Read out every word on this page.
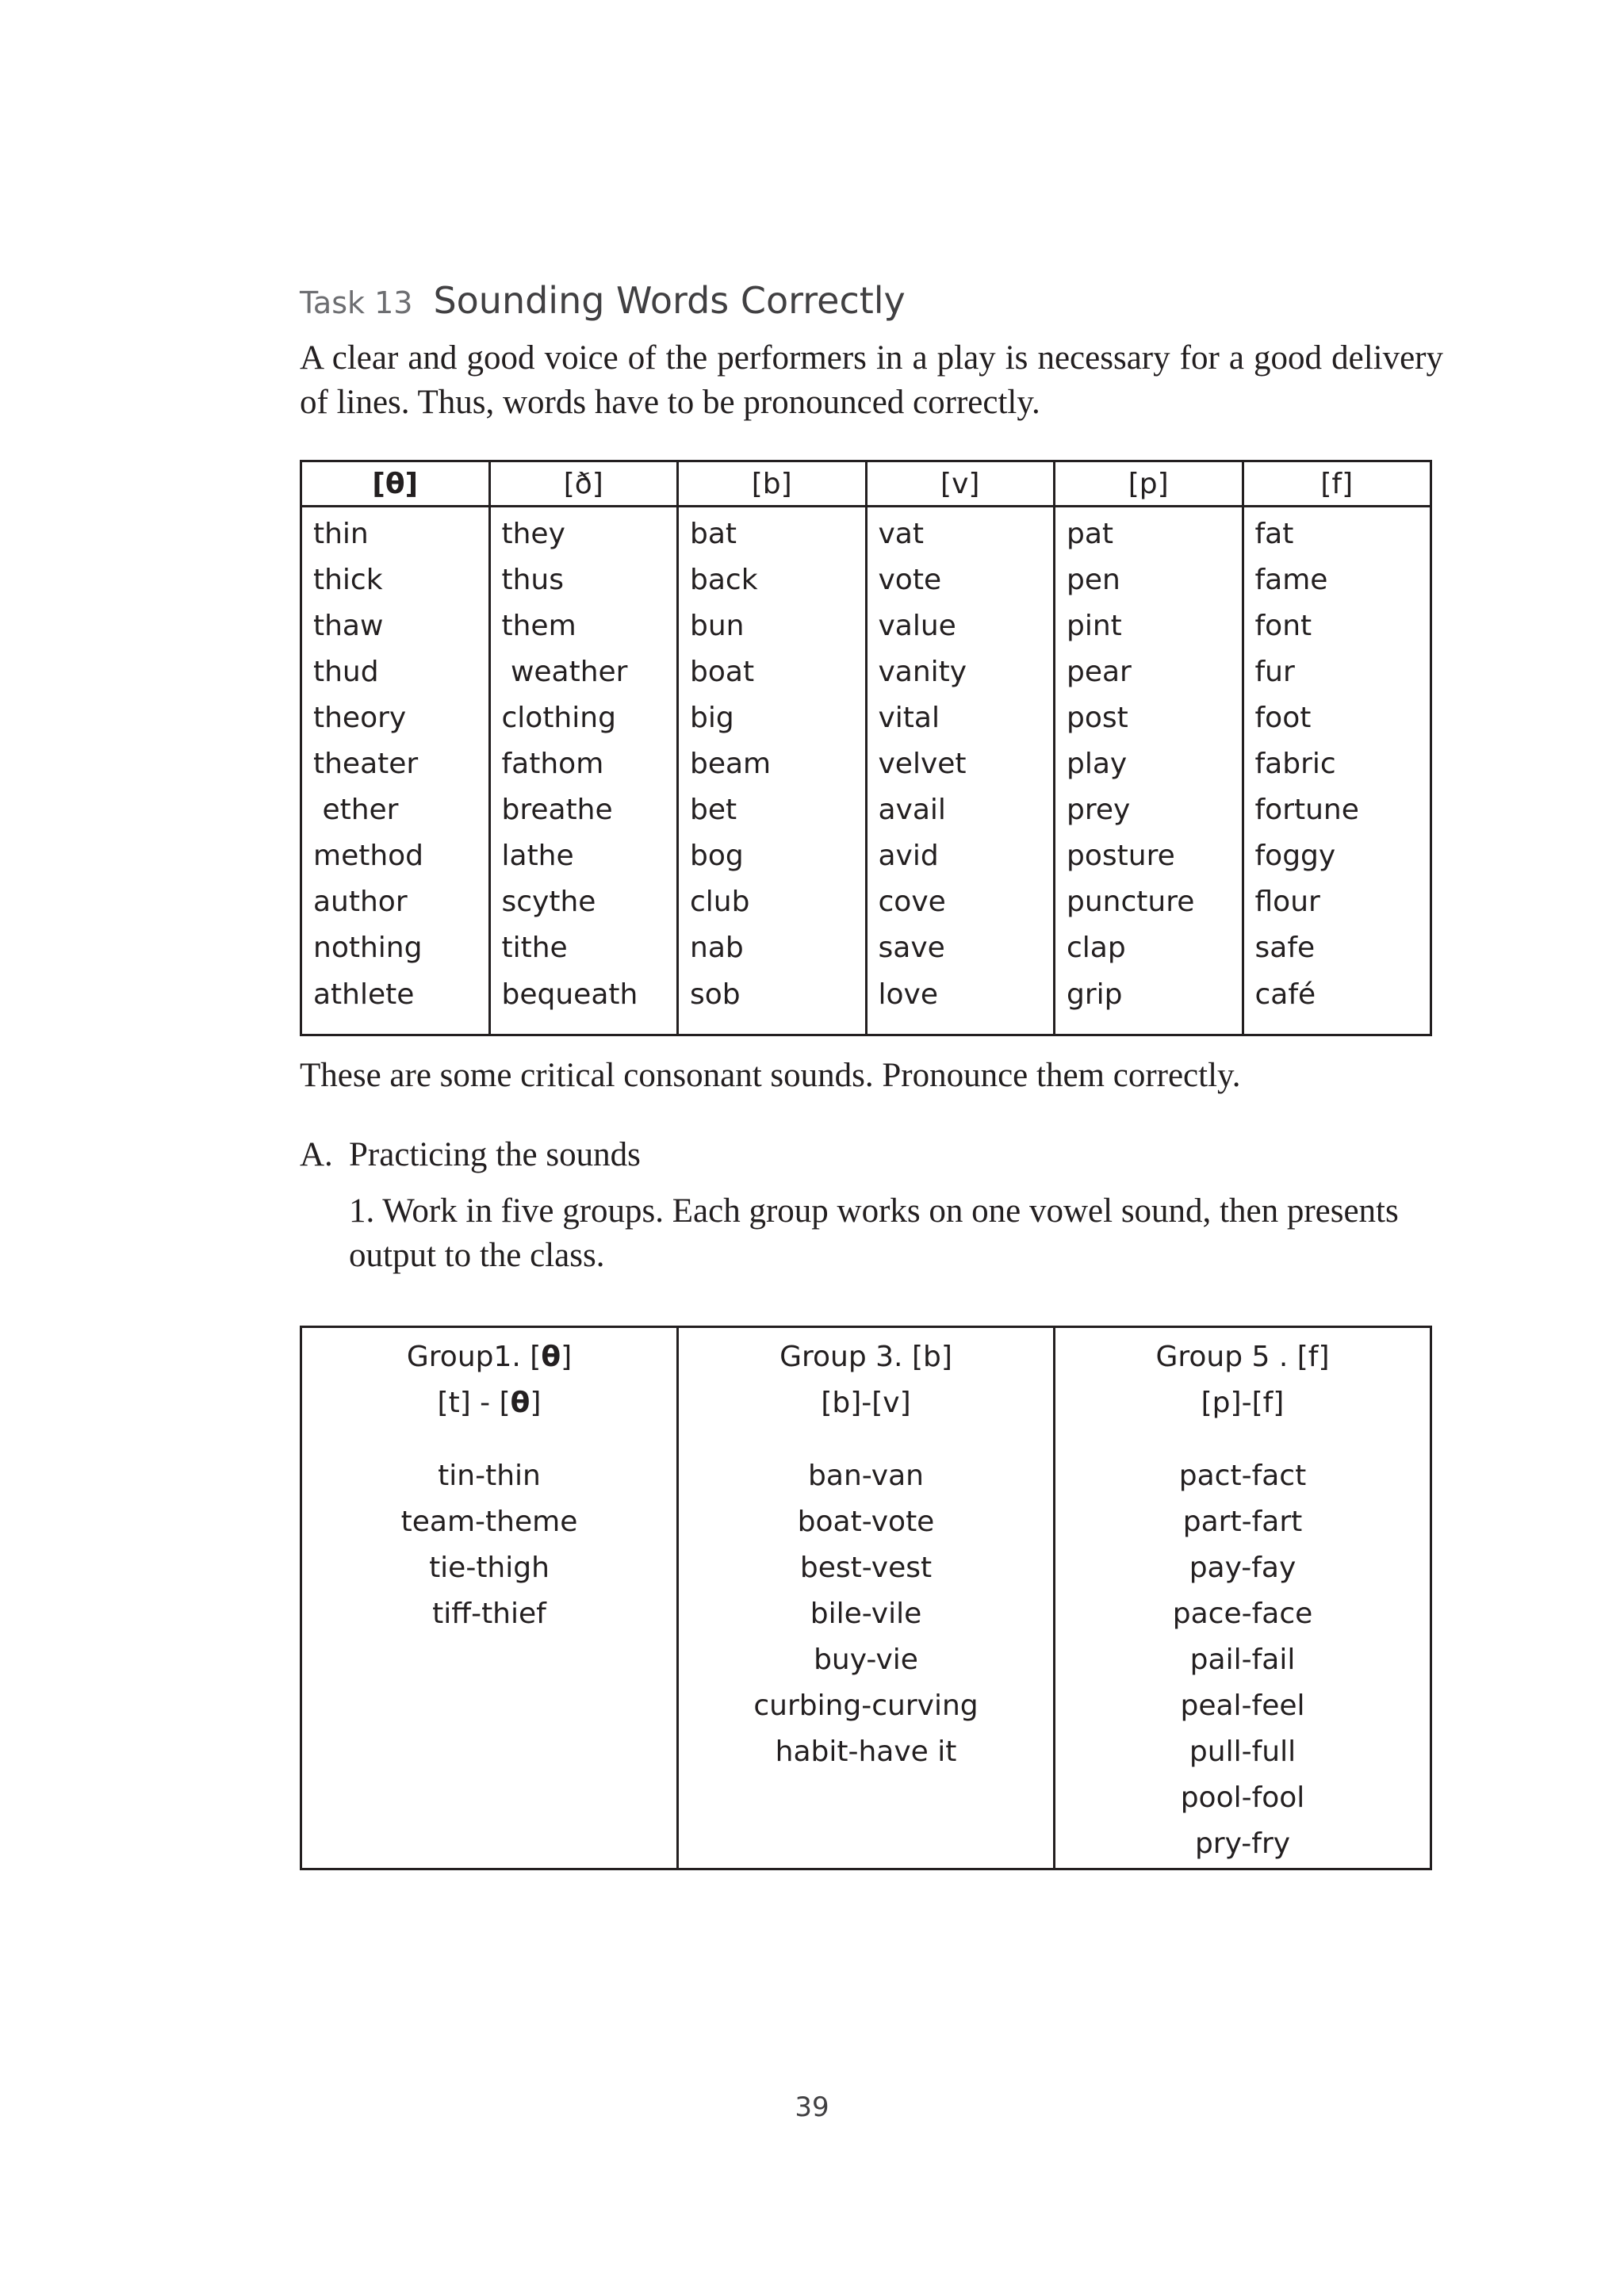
Task 13 Sounding Words Correctly

A clear and good voice of the performers in a play is necessary for a good delivery of lines. Thus, words have to be pronounced correctly.

[θ]	[ð]	[b]	[v]	[p]	[f]
thin	they	bat	vat	pat	fat
thick	thus	back	vote	pen	fame
thaw	them	bun	value	pint	font
thud	weather	boat	vanity	pear	fur
theory	clothing	big	vital	post	foot
theater	fathom	beam	velvet	play	fabric
ether	breathe	bet	avail	prey	fortune
method	lathe	bog	avid	posture	foggy
author	scythe	club	cove	puncture	flour
nothing	tithe	nab	save	clap	safe
athlete	bequeath	sob	love	grip	café

These are some critical consonant sounds. Pronounce them correctly.

A. Practicing the sounds

1. Work in five groups. Each group works on one vowel sound, then presents output to the class.

Group1. [θ]
[t] - [θ]
tin-thin
team-theme
tie-thigh
tiff-thief

Group 3. [b]
[b]-[v]
ban-van
boat-vote
best-vest
bile-vile
buy-vie
curbing-curving
habit-have it

Group 5 . [f]
[p]-[f]
pact-fact
part-fart
pay-fay
pace-face
pail-fail
peal-feel
pull-full
pool-fool
pry-fry
39
